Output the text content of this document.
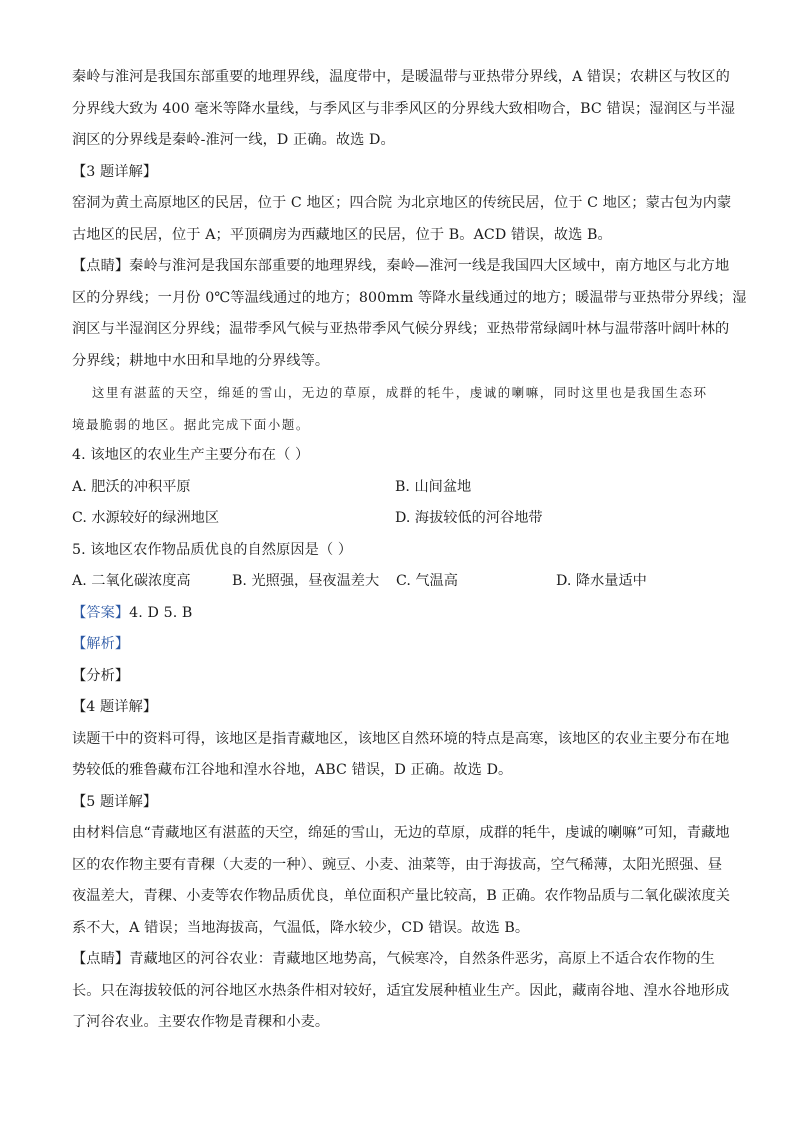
秦岭与淮河是我国东部重要的地理界线，温度带中，是暖温带与亚热带分界线，A 错误；农耕区与牧区的
分界线大致为 400 毫米等降水量线，与季风区与非季风区的分界线大致相吻合，BC 错误；湿润区与半湿
润区的分界线是秦岭-淮河一线，D 正确。故选 D。
【3 题详解】
窑洞为黄土高原地区的民居，位于 C 地区；四合院 为北京地区的传统民居，位于 C 地区；蒙古包为内蒙
古地区的民居，位于 A；平顶碉房为西藏地区的民居，位于 B。ACD 错误，故选 B。
【点睛】秦岭与淮河是我国东部重要的地理界线，秦岭—淮河一线是我国四大区域中，南方地区与北方地
区的分界线；一月份 0℃等温线通过的地方；800mm 等降水量线通过的地方；暖温带与亚热带分界线；湿
润区与半湿润区分界线；温带季风气候与亚热带季风气候分界线；亚热带常绿阔叶林与温带落叶阔叶林的
分界线；耕地中水田和旱地的分界线等。
这里有湛蓝的天空，绵延的雪山，无边的草原，成群的牦牛，虔诚的喇嘛，同时这里也是我国生态环
境最脆弱的地区。据此完成下面小题。
4. 该地区的农业生产主要分布在（ ）
A. 肥沃的冲积平原	B. 山间盆地
C. 水源较好的绿洲地区	D. 海拔较低的河谷地带
5. 该地区农作物品质优良的自然原因是（ ）
A. 二氧化碳浓度高	B. 光照强，昼夜温差大 C. 气温高	D. 降水量适中
【答案】4. D 5. B
【解析】
【分析】
【4 题详解】
读题干中的资料可得，该地区是指青藏地区，该地区自然环境的特点是高寒，该地区的农业主要分布在地
势较低的雅鲁藏布江谷地和湟水谷地，ABC 错误，D 正确。故选 D。
【5 题详解】
由材料信息“青藏地区有湛蓝的天空，绵延的雪山，无边的草原，成群的牦牛，虔诚的喇嘛”可知，青藏地
区的农作物主要有青稞（大麦的一种）、豌豆、小麦、油菜等，由于海拔高，空气稀薄，太阳光照强、昼
夜温差大，青稞、小麦等农作物品质优良，单位面积产量比较高，B 正确。农作物品质与二氧化碳浓度关
系不大，A 错误；当地海拔高，气温低，降水较少，CD 错误。故选 B。
【点睛】青藏地区的河谷农业：青藏地区地势高，气候寒冷，自然条件恶劣，高原上不适合农作物的生
长。只在海拔较低的河谷地区水热条件相对较好，适宜发展种植业生产。因此，藏南谷地、湟水谷地形成
了河谷农业。主要农作物是青稞和小麦。
